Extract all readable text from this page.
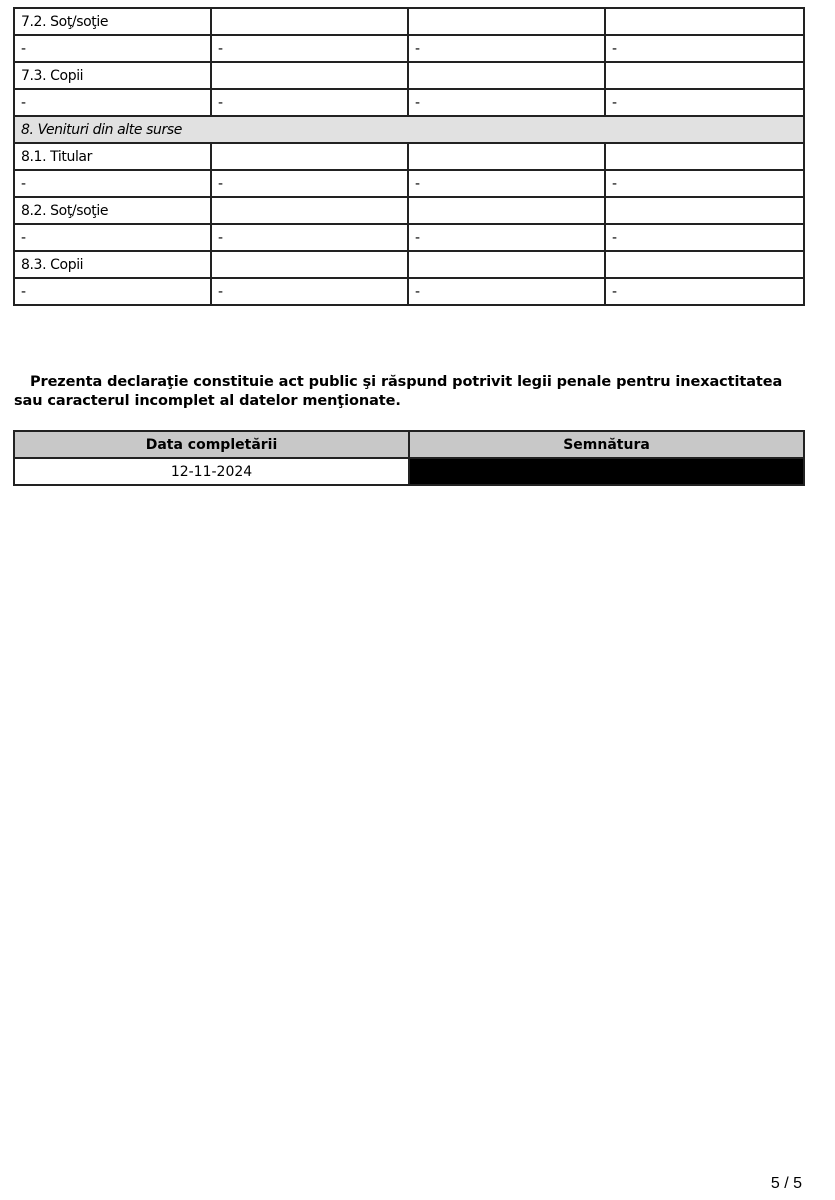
7.2. Soţ/soţie			
-	-	-	-
7.3. Copii			
-	-	-	-
8. Venituri din alte surse			
8.1. Titular			
-	-	-	-
8.2. Soţ/soţie			
-	-	-	-
8.3. Copii			
-	-	-	-

Prezenta declaraţie constituie act public şi răspund potrivit legii penale pentru inexactitatea sau caracterul incomplet al datelor menţionate.

Data completării	Semnătura
12-11-2024	
5 / 5
